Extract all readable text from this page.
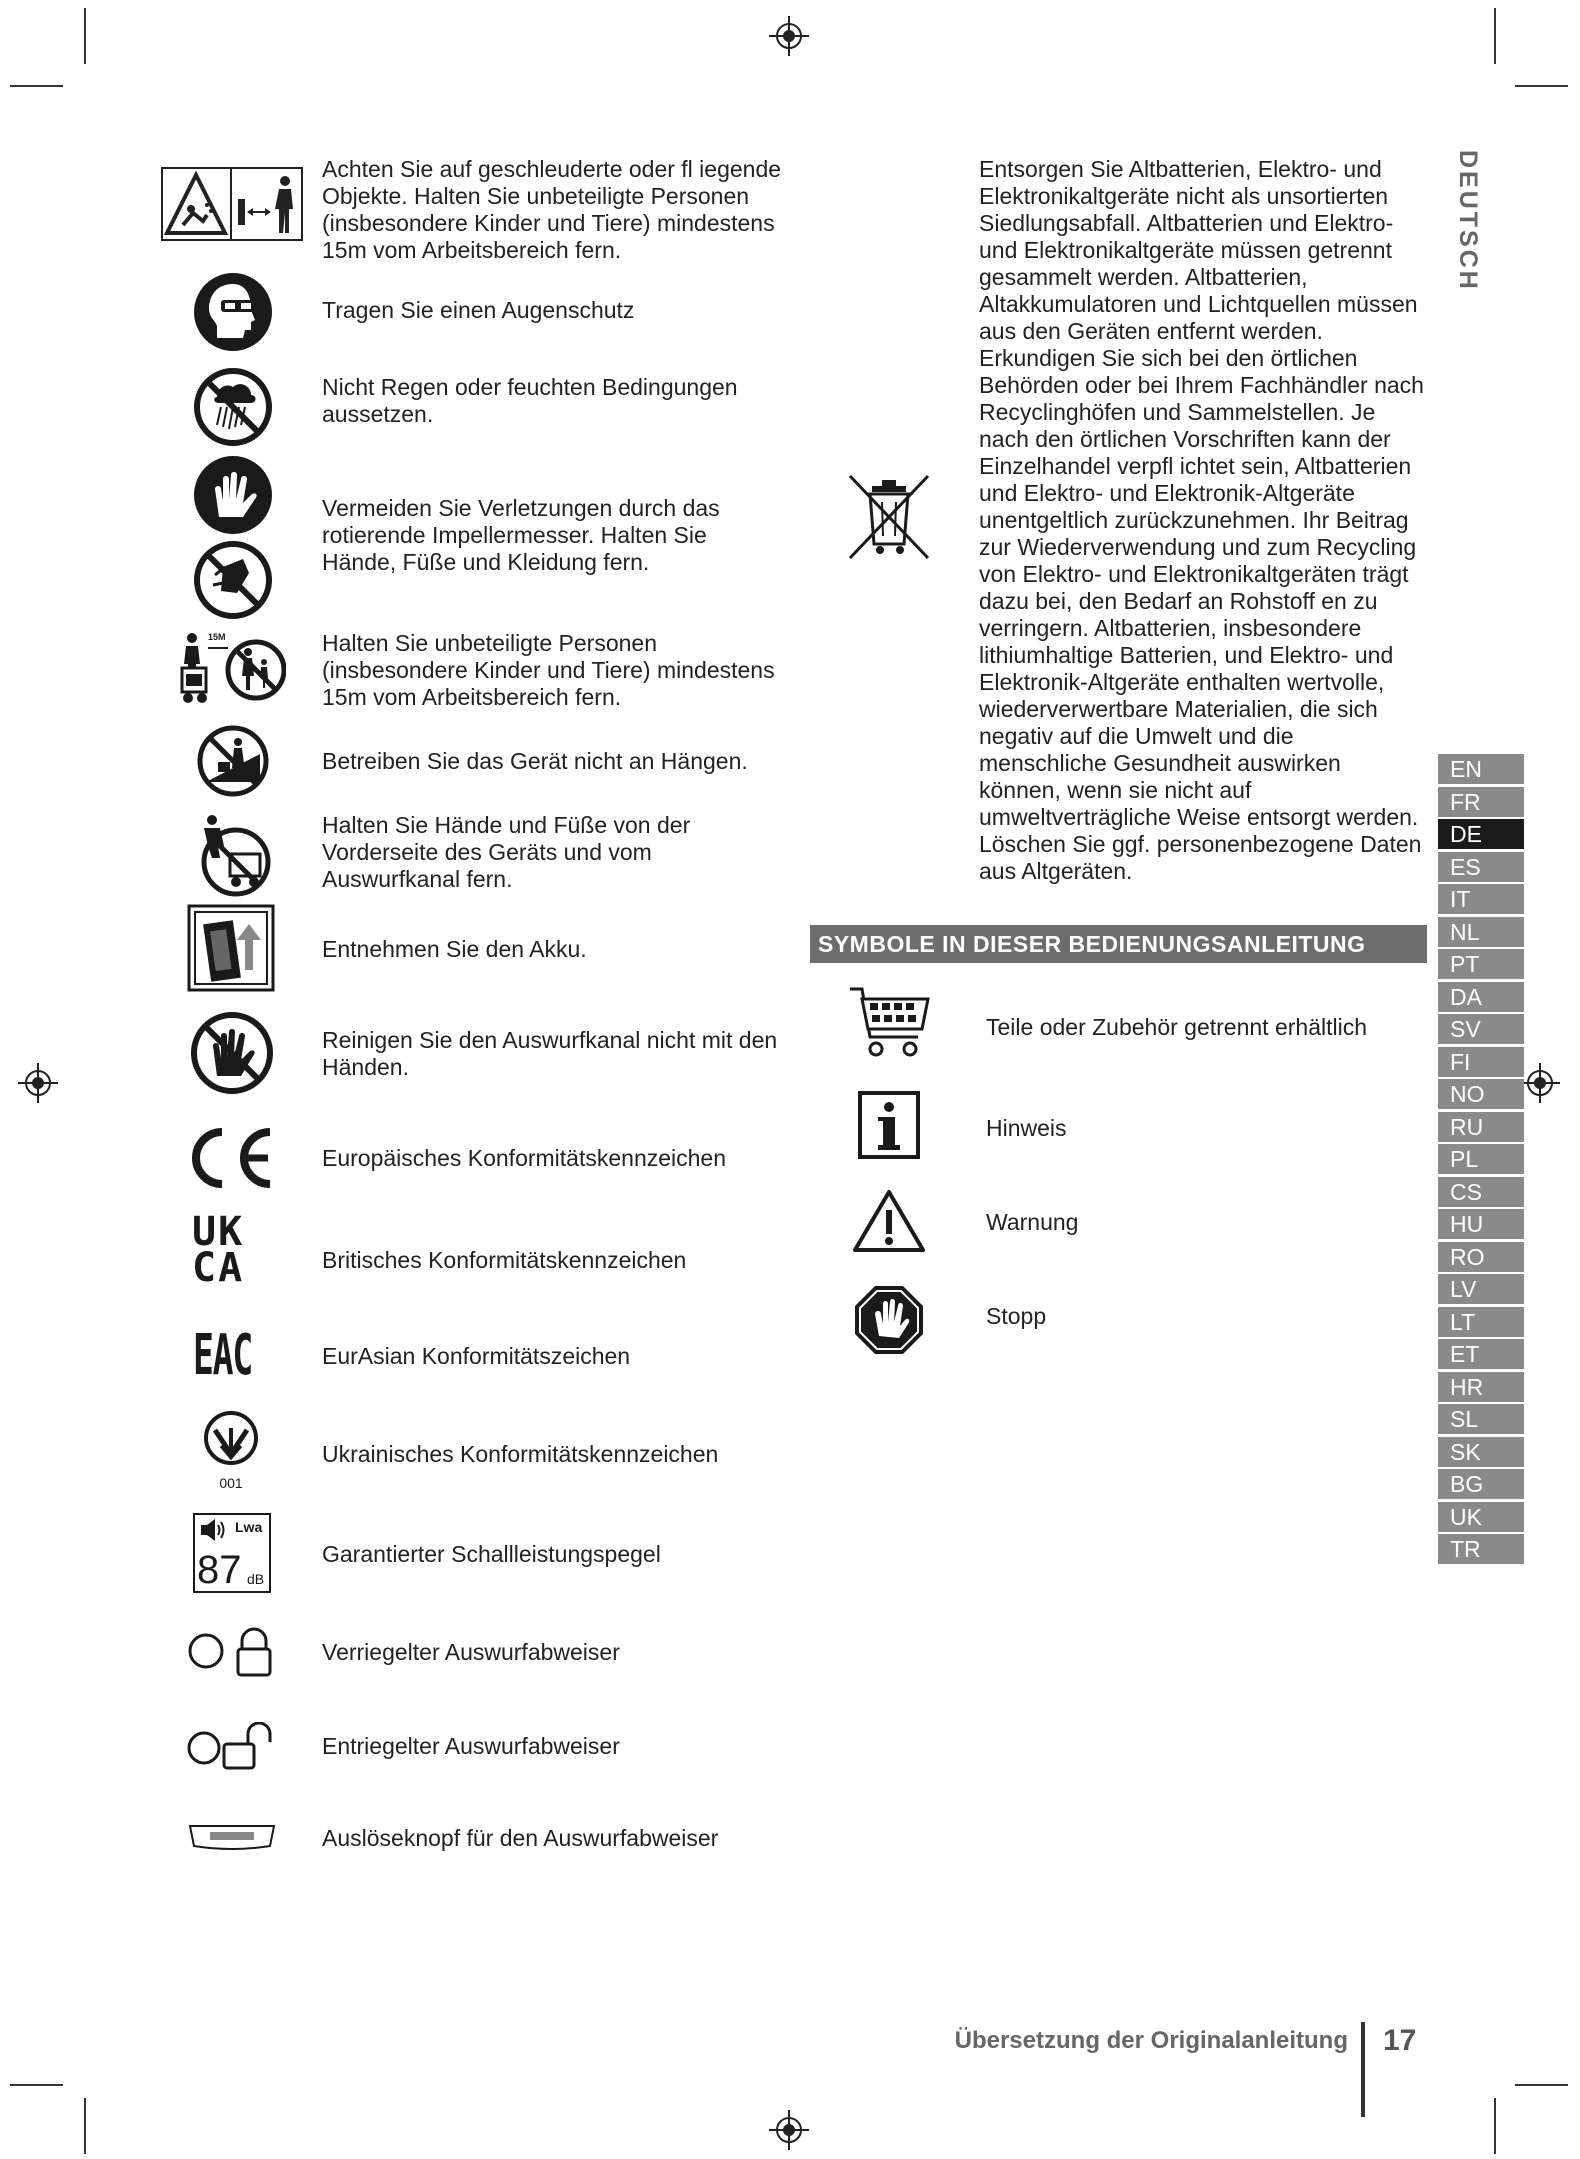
15M
UK
CA
EAC
001
Lwa
87 dB
Achten Sie auf geschleuderte oder fl iegende Objekte. Halten Sie unbeteiligte Personen (insbesondere Kinder und Tiere) mindestens 15m vom Arbeitsbereich fern.
Tragen Sie einen Augenschutz
Nicht Regen oder feuchten Bedingungen aussetzen.
Vermeiden Sie Verletzungen durch das rotierende Impellermesser. Halten Sie Hände, Füße und Kleidung fern.
Halten Sie unbeteiligte Personen (insbesondere Kinder und Tiere) mindestens 15m vom Arbeitsbereich fern.
Betreiben Sie das Gerät nicht an Hängen.
Halten Sie Hände und Füße von der Vorderseite des Geräts und vom Auswurfkanal fern.
Entnehmen Sie den Akku.
Reinigen Sie den Auswurfkanal nicht mit den Händen.
Europäisches Konformitätskennzeichen
Britisches Konformitätskennzeichen
EurAsian Konformitätszeichen
Ukrainisches Konformitätskennzeichen
Garantierter Schallleistungspegel
Verriegelter Auswurfabweiser
Entriegelter Auswurfabweiser
Auslöseknopf für den Auswurfabweiser
Entsorgen Sie Altbatterien, Elektro- und Elektronikaltgeräte nicht als unsortierten Siedlungsabfall. Altbatterien und Elektro- und Elektronikaltgeräte müssen getrennt gesammelt werden. Altbatterien, Altakkumulatoren und Lichtquellen müssen aus den Geräten entfernt werden. Erkundigen Sie sich bei den örtlichen Behörden oder bei Ihrem Fachhändler nach Recyclinghöfen und Sammelstellen. Je nach den örtlichen Vorschriften kann der Einzelhandel verpfl ichtet sein, Altbatterien und Elektro- und Elektronik-Altgeräte unentgeltlich zurückzunehmen. Ihr Beitrag zur Wiederverwendung und zum Recycling von Elektro- und Elektronikaltgeräten trägt dazu bei, den Bedarf an Rohstoff en zu verringern. Altbatterien, insbesondere lithiumhaltige Batterien, und Elektro- und Elektronik-Altgeräte enthalten wertvolle, wiederverwertbare Materialien, die sich negativ auf die Umwelt und die menschliche Gesundheit auswirken können, wenn sie nicht auf umweltverträgliche Weise entsorgt werden. Löschen Sie ggf. personenbezogene Daten aus Altgeräten.
SYMBOLE IN DIESER BEDIENUNGSANLEITUNG
Teile oder Zubehör getrennt erhältlich
Hinweis
Warnung
Stopp
DEUTSCH
EN
FR
DE
ES
IT
NL
PT
DA
SV
FI
NO
RU
PL
CS
HU
RO
LV
LT
ET
HR
SL
SK
BG
UK
TR
Übersetzung der Originalanleitung 17
